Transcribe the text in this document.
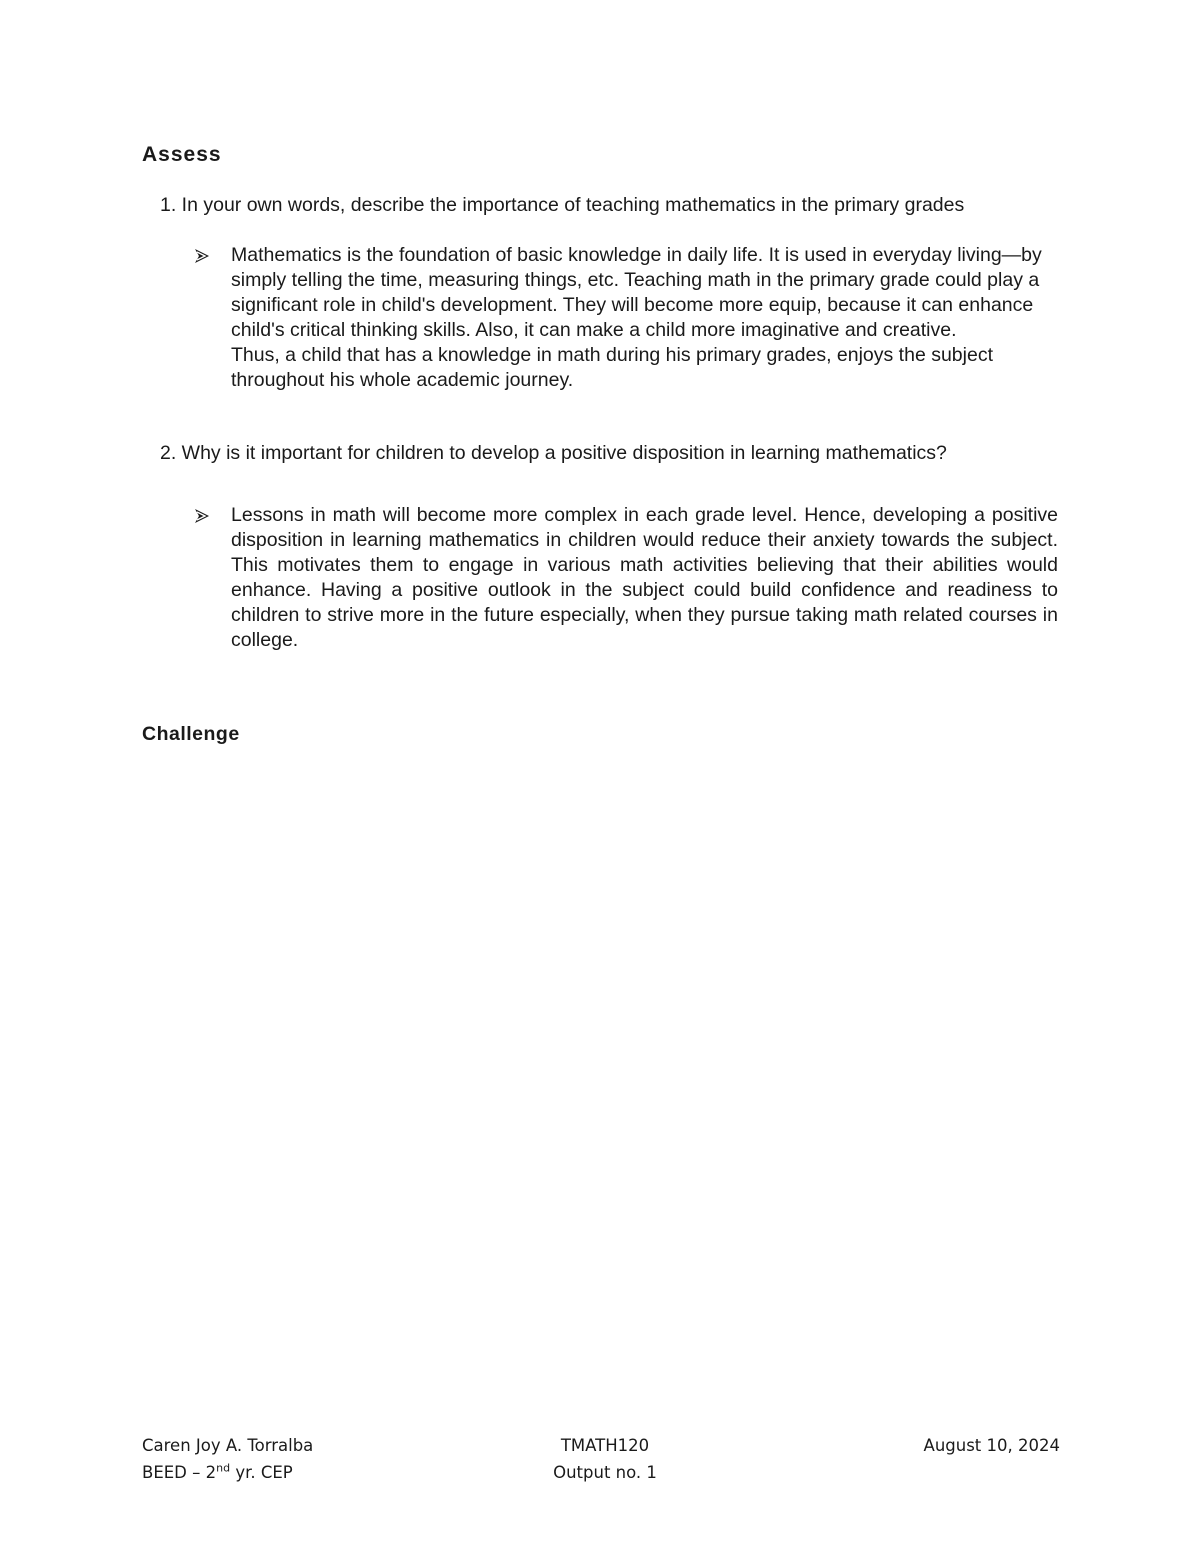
Assess

1. In your own words, describe the importance of teaching mathematics in the primary grades

Mathematics is the foundation of basic knowledge in daily life. It is used in everyday living—by simply telling the time, measuring things, etc. Teaching math in the primary grade could play a significant role in child's development. They will become more equip, because it can enhance child's critical thinking skills. Also, it can make a child more imaginative and creative.

Thus, a child that has a knowledge in math during his primary grades, enjoys the subject throughout his whole academic journey.

2. Why is it important for children to develop a positive disposition in learning mathematics?

Lessons in math will become more complex in each grade level. Hence, developing a positive disposition in learning mathematics in children would reduce their anxiety towards the subject. This motivates them to engage in various math activities believing that their abilities would enhance. Having a positive outlook in the subject could build confidence and readiness to children to strive more in the future especially, when they pursue taking math related courses in college.

Challenge
Caren Joy A. Torralba
BEED – 2nd yr. CEP
TMATH120
Output no. 1
August 10, 2024
